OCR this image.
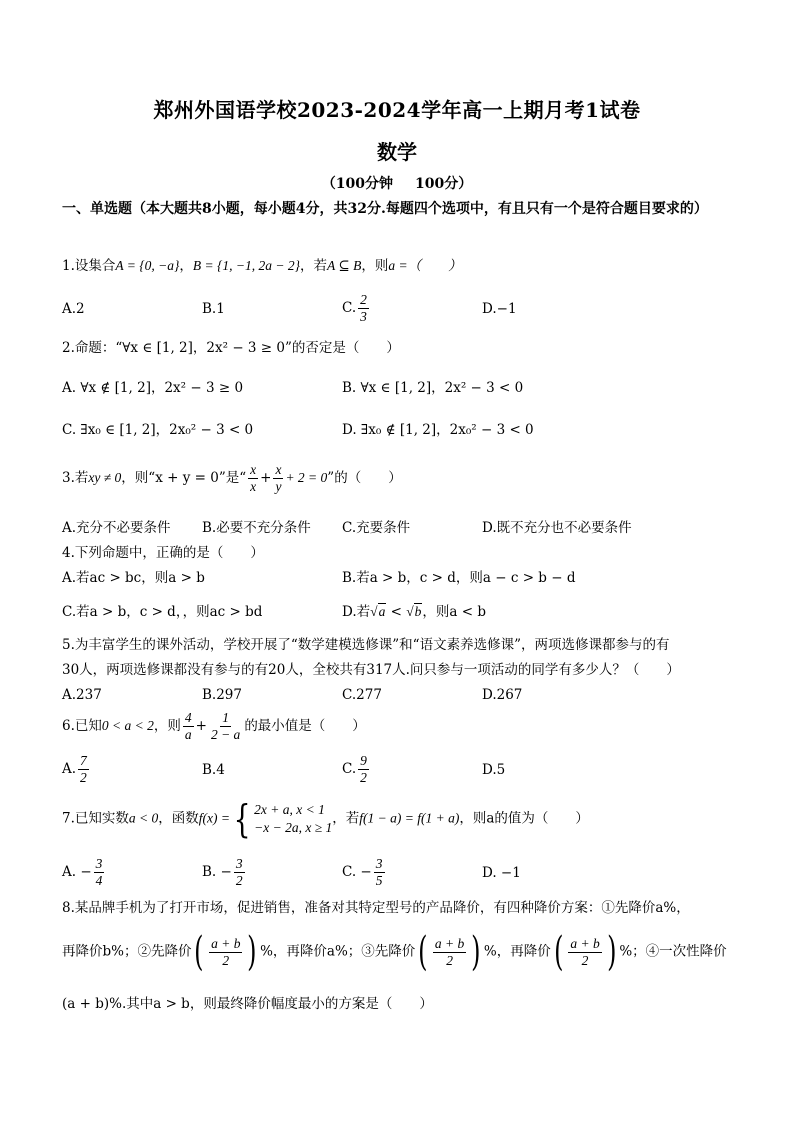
郑州外国语学校2023-2024学年高一上期月考1试卷
数学
（100分钟 100分）
一、单选题（本大题共8小题，每小题4分，共32分.每题四个选项中，有且只有一个是符合题目要求的）
1.设集合A = {0, −a}，B = {1, −1, 2a − 2}，若A ⊆ B，则a =（　　）
A.2	B.1	C. $\frac{2}{3}$	D.−1
2.命题：“∀x ∈ [1, 2]，2x² − 3 ≥ 0”的否定是（　　）
A. ∀x ∉ [1, 2]，2x² − 3 ≥ 0	B. ∀x ∈ [1, 2]，2x² − 3 < 0
C. ∃x₀ ∈ [1, 2]，2x₀² − 3 < 0	D. ∃x₀ ∉ [1, 2]，2x₀² − 3 < 0
3.若xy ≠ 0，则“x + y = 0”是“ $\frac{x}{x} + \frac{x}{y} + 2 = 0$”的（　　）
A.充分不必要条件 B.必要不充分条件 C.充要条件	D.既不充分也不必要条件
4.下列命题中，正确的是（　　）
A.若ac > bc，则a > b	B.若a > b，c > d，则a − c > b − d
C.若a > b，c > d，，则ac > bd	D.若√a < √b，则a < b
5.为丰富学生的课外活动，学校开展了“数学建模选修课”和“语文素养选修课”，两项选修课都参与的有
30人，两项选修课都没有参与的有20人，全校共有317人.问只参与一项活动的同学有多少人？（　　）
A.237	B.297	C.277	D.267
6.已知0 < a < 2，则 $\frac{4}{a} + \frac{1}{2 - a}$ 的最小值是（　　）
A. $\frac{7}{2}$	B.4	C. $\frac{9}{2}$	D.5
7.已知实数a < 0，函数f(x) = { 2x + a, x < 1
−x − 2a, x ≥ 1
，若f(1 − a) = f(1 + a)，则a的值为（　　）
A. − $\frac{3}{4}$	B. − $\frac{3}{2}$	C. − $\frac{3}{5}$	D. −1
8.某品牌手机为了打开市场，促进销售，准备对其特定型号的产品降价，有四种降价方案：①先降价a%，
再降价b%；②先降价 ( $\frac{a + b}{2}$ ) %，再降价a%；③先降价 ( $\frac{a + b}{2}$ ) %，再降价 ( $\frac{a + b}{2}$ ) %；④一次性降价
(a + b)%.其中a > b，则最终降价幅度最小的方案是（　　）
